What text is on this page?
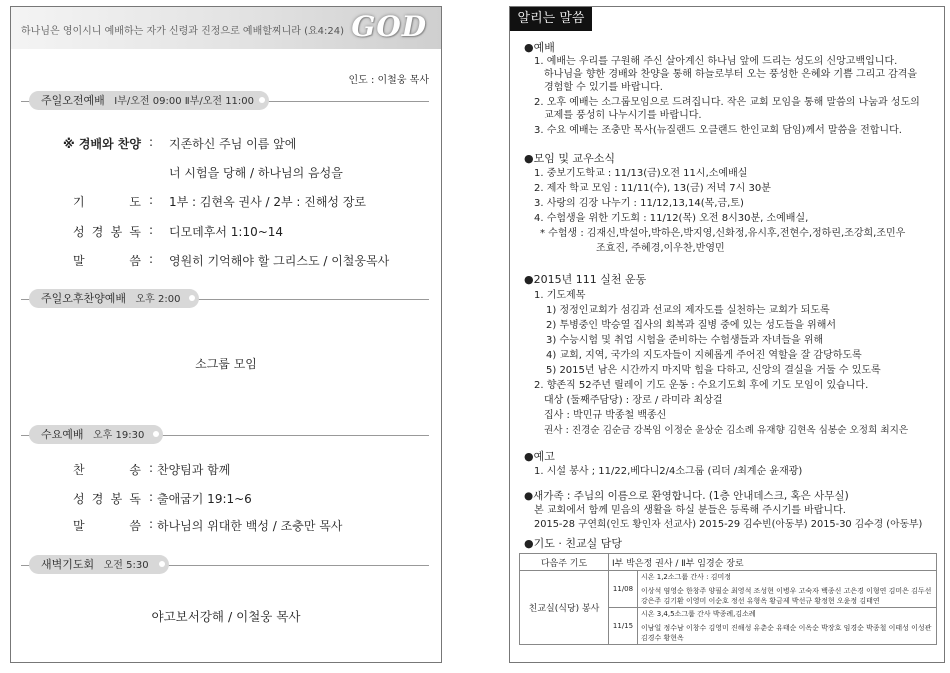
하나님은 영이시니 예배하는 자가 신령과 진정으로 예배할찌니라 (요4:24) GOD
인도 : 이철웅 목사
주일오전예배 Ⅰ부/오전 09:00 Ⅱ부/오전 11:00
※ 경배와 찬양 : 지존하신 주님 이름 앞에
너 시험을 당해 / 하나님의 음성을
기 도 : 1부 : 김현옥 권사 / 2부 : 진해성 장로
성 경 봉 독 : 디모데후서 1:10~14
말 씀 : 영원히 기억해야 할 그리스도 / 이철웅목사
주일오후찬양예배 오후 2:00
소그룹 모임
수요예배 오후 19:30
찬 송 : 찬양팀과 함께
성 경 봉 독 : 출애굽기 19:1~6
말 씀 : 하나님의 위대한 백성 / 조충만 목사
새벽기도회 오전 5:30
야고보서강해 / 이철웅 목사
알리는 말씀
●예배
1. 예배는 우리를 구원해 주신 살아계신 하나님 앞에 드리는 성도의 신앙고백입니다.
하나님을 향한 경배와 찬양을 통해 하늘로부터 오는 풍성한 은혜와 기쁨 그리고 감격을
경험할 수 있기를 바랍니다.
2. 오후 예배는 소그룹모임으로 드려집니다. 작은 교회 모임을 통해 말씀의 나눔과 성도의
교제를 풍성히 나누시기를 바랍니다.
3. 수요 예배는 조충만 목사(뉴질랜드 오클랜드 한인교회 담임)께서 말씀을 전합니다.
●모임 및 교우소식
1. 중보기도학교 : 11/13(금)오전 11시,소예배실
2. 제자 학교 모임 : 11/11(수), 13(금) 저녁 7시 30분
3. 사랑의 김장 나누기 : 11/12,13,14(목,금,토)
4. 수험생을 위한 기도회 : 11/12(목) 오전 8시30분, 소예배실,
* 수험생 : 김재신,박설아,박하은,박지영,신화정,유시후,전현수,정하린,조강희,조민우
조효진, 주혜경,이우찬,반영민
●2015년 111 실천 운동
1. 기도제목
1) 정정인교회가 섬김과 선교의 제자도를 실천하는 교회가 되도록
2) 투병중인 박승열 집사의 회복과 질병 중에 있는 성도들을 위해서
3) 수능시험 및 취업 시험을 준비하는 수험생들과 자녀들을 위해
4) 교회, 지역, 국가의 지도자들이 지혜롭게 주어진 역할을 잘 감당하도록
5) 2015년 남은 시간까지 마지막 힘을 다하고, 신앙의 결실을 거둘 수 있도록
2. 향존직 52주년 릴레이 기도 운동 : 수요기도회 후에 기도 모임이 있습니다.
대상 (둘째주담당) : 장로 / 라미라 최상걸
집사 : 박민규 박종철 백종신
권사 : 진경순 김순금 강복임 이정순 윤상순 김소례 유재향 김현옥 심봉순 오정희 최지은
●예고
1. 시설 봉사 ; 11/22,베다니2/4소그룹 (리더 /최계순 윤재광)
●새가족 : 주님의 이름으로 환영합니다. (1층 안내데스크, 혹은 사무실)
본 교회에서 함께 믿음의 생활을 하실 분들은 등록해 주시기를 바랍니다.
2015-28 구연희(인도 황인자 선교사) 2015-29 김수빈(아동부) 2015-30 김수경 (아동부)
●기도 · 친교실 담당
다음주 기도	Ⅰ부 박은정 권사 / Ⅱ부 임경순 장로	
친교실(식당) 봉사	11/08	시온 1,2소그룹 간사 : 김미정
이상석 염영순 한창주 양필순 최영석 조성현 이병우 고숙자 백종신 고은경 이형연 김미은 김두선 강은주 김기환 이영미 이순호 정선 유형옥 황금제 박선규 황정현 오윤정 김태연

	11/15	시온 3,4,5소그룹 간사 박종례,김소례
이남일 정수남 이창수 김영미 진해성 유춘순 유태순 이옥순 박장호 임경순 박종철 이태성 이성관 김경수 황현옥
